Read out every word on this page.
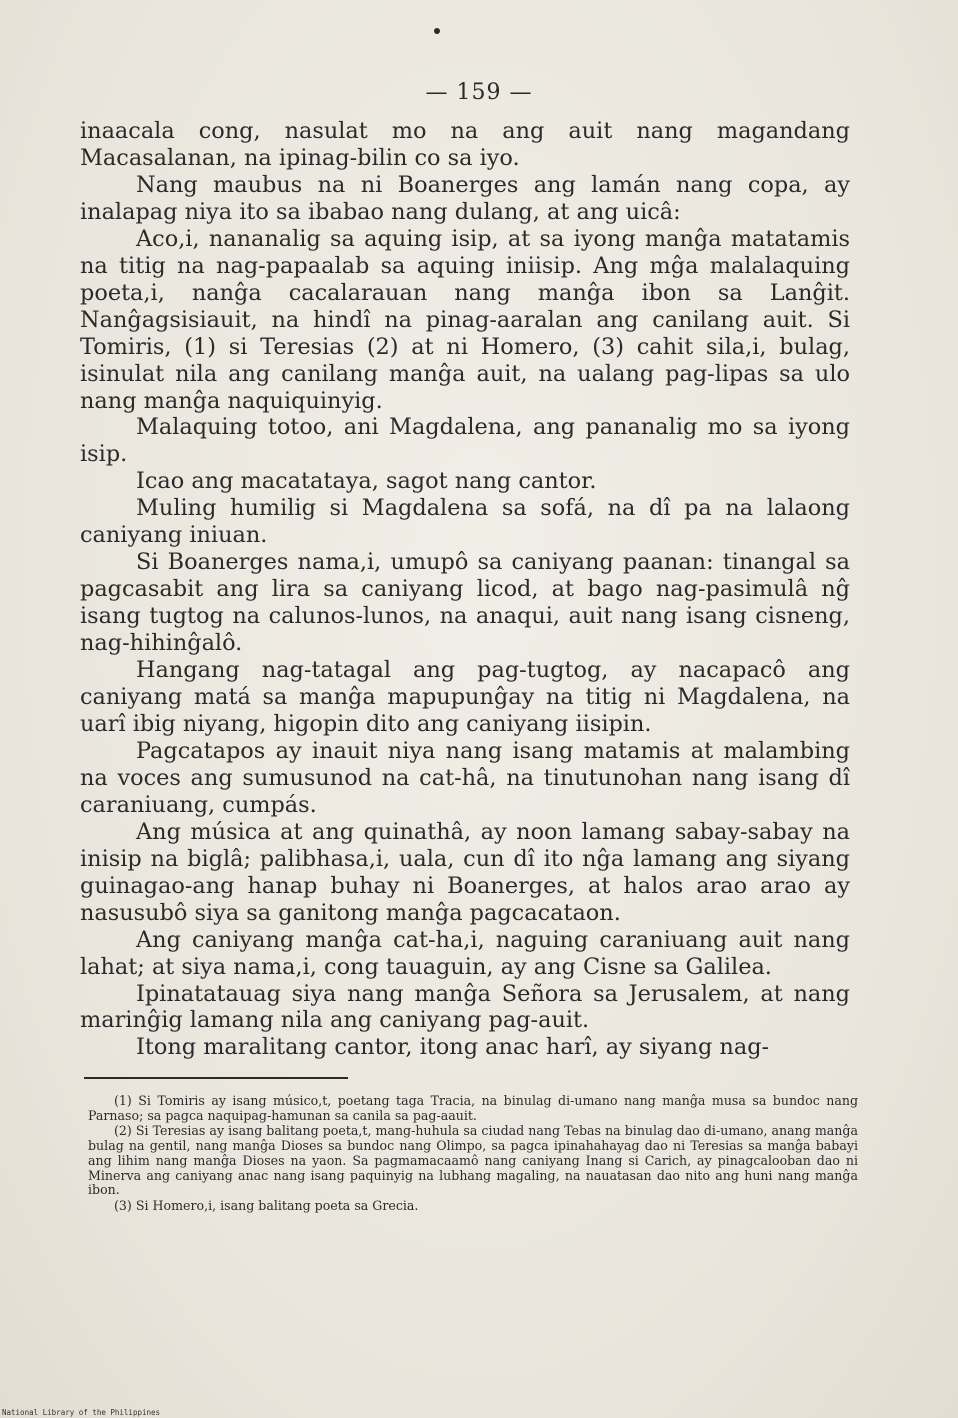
— 159 —

inaacala cong, nasulat mo na ang auit nang magandang Macasalanan, na ipinag-bilin co sa iyo.

Nang maubus na ni Boanerges ang lamán nang copa, ay inalapag niya ito sa ibabao nang dulang, at ang uicâ:

Aco,i, nananalig sa aquing isip, at sa iyong manĝa matatamis na titig na nag-papaalab sa aquing iniisip. Ang mĝa malalaquing poeta,i, nanĝa cacalarauan nang manĝa ibon sa Lanĝit. Nanĝagsisiauit, na hindî na pinag-aaralan ang canilang auit. Si Tomiris, (1) si Teresias (2) at ni Homero, (3) cahit sila,i, bulag, isinulat nila ang canilang manĝa auit, na ualang pag-lipas sa ulo nang manĝa naquiquinyig.

Malaquing totoo, ani Magdalena, ang pananalig mo sa iyong isip.

Icao ang macatataya, sagot nang cantor.

Muling humilig si Magdalena sa sofá, na dî pa na lalaong caniyang iniuan.

Si Boanerges nama,i, umupô sa caniyang paanan: tinangal sa pagcasabit ang lira sa caniyang licod, at bago nag-pasimulâ nĝ isang tugtog na calunos-lunos, na anaqui, auit nang isang cisneng, nag-hihinĝalô.

Hangang nag-tatagal ang pag-tugtog, ay nacapacô ang caniyang matá sa manĝa mapupunĝay na titig ni Magdalena, na uarî ibig niyang, higopin dito ang caniyang iisipin.

Pagcatapos ay inauit niya nang isang matamis at malambing na voces ang sumusunod na cat-hâ, na tinutunohan nang isang dî caraniuang, cumpás.

Ang música at ang quinathâ, ay noon lamang sabay-sabay na inisip na biglâ; palibhasa,i, uala, cun dî ito nĝa lamang ang siyang guinagao-ang hanap buhay ni Boanerges, at halos arao arao ay nasusubô siya sa ganitong manĝa pagcacataon.

Ang caniyang manĝa cat-ha,i, naguing caraniuang auit nang lahat; at siya nama,i, cong tauaguin, ay ang Cisne sa Galilea.

Ipinatatauag siya nang manĝa Señora sa Jerusalem, at nang marinĝig lamang nila ang caniyang pag-auit.

Itong maralitang cantor, itong anac harî, ay siyang nag-

(1) Si Tomiris ay isang músico,t, poetang taga Tracia, na binulag di-umano nang manĝa musa sa bundoc nang Parnaso; sa pagca naquipag-hamunan sa canila sa pag-aauit.

(2) Si Teresias ay isang balitang poeta,t, mang-huhula sa ciudad nang Tebas na binulag dao di-umano, anang manĝa bulag na gentil, nang manĝa Dioses sa bundoc nang Olimpo, sa pagca ipinahahayag dao ni Teresias sa manĝa babayi ang lihim nang manĝa Dioses na yaon. Sa pagmamacaamô nang caniyang Inang si Carich, ay pinagcalooban dao ni Minerva ang caniyang anac nang isang paquinyig na lubhang magaling, na nauatasan dao nito ang huni nang manĝa ibon.

(3) Si Homero,i, isang balitang poeta sa Grecia.

National Library of the Philippines
